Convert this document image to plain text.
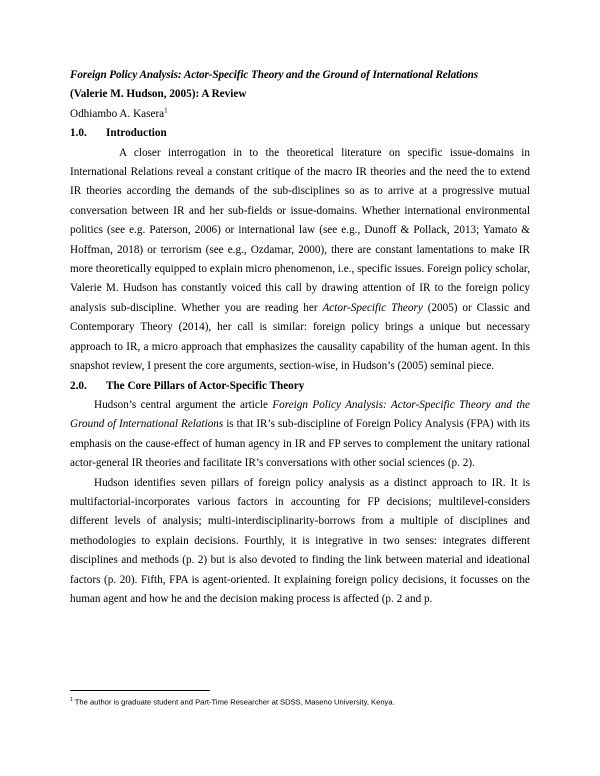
Foreign Policy Analysis: Actor-Specific Theory and the Ground of International Relations

(Valerie M. Hudson, 2005): A Review

Odhiambo A. Kasera$^1$

1.0. Introduction

A closer interrogation in to the theoretical literature on specific issue-domains in International Relations reveal a constant critique of the macro IR theories and the need the to extend IR theories according the demands of the sub-disciplines so as to arrive at a progressive mutual conversation between IR and her sub-fields or issue-domains. Whether international environmental politics (see e.g. Paterson, 2006) or international law (see e.g., Dunoff & Pollack, 2013; Yamato & Hoffman, 2018) or terrorism (see e.g., Ozdamar, 2000), there are constant lamentations to make IR more theoretically equipped to explain micro phenomenon, i.e., specific issues. Foreign policy scholar, Valerie M. Hudson has constantly voiced this call by drawing attention of IR to the foreign policy analysis sub-discipline. Whether you are reading her Actor-Specific Theory (2005) or Classic and Contemporary Theory (2014), her call is similar: foreign policy brings a unique but necessary approach to IR, a micro approach that emphasizes the causality capability of the human agent. In this snapshot review, I present the core arguments, section-wise, in Hudson’s (2005) seminal piece.

2.0. The Core Pillars of Actor-Specific Theory

Hudson’s central argument the article Foreign Policy Analysis: Actor-Specific Theory and the Ground of International Relations is that IR’s sub-discipline of Foreign Policy Analysis (FPA) with its emphasis on the cause-effect of human agency in IR and FP serves to complement the unitary rational actor-general IR theories and facilitate IR’s conversations with other social sciences (p. 2).

Hudson identifies seven pillars of foreign policy analysis as a distinct approach to IR. It is multifactorial-incorporates various factors in accounting for FP decisions; multilevel-considers different levels of analysis; multi-interdisciplinarity-borrows from a multiple of disciplines and methodologies to explain decisions. Fourthly, it is integrative in two senses: integrates different disciplines and methods (p. 2) but is also devoted to finding the link between material and ideational factors (p. 20). Fifth, FPA is agent-oriented. It explaining foreign policy decisions, it focusses on the human agent and how he and the decision making process is affected (p. 2 and p.

$^1$ The author is graduate student and Part-Time Researcher at SDSS, Maseno University, Kenya.
